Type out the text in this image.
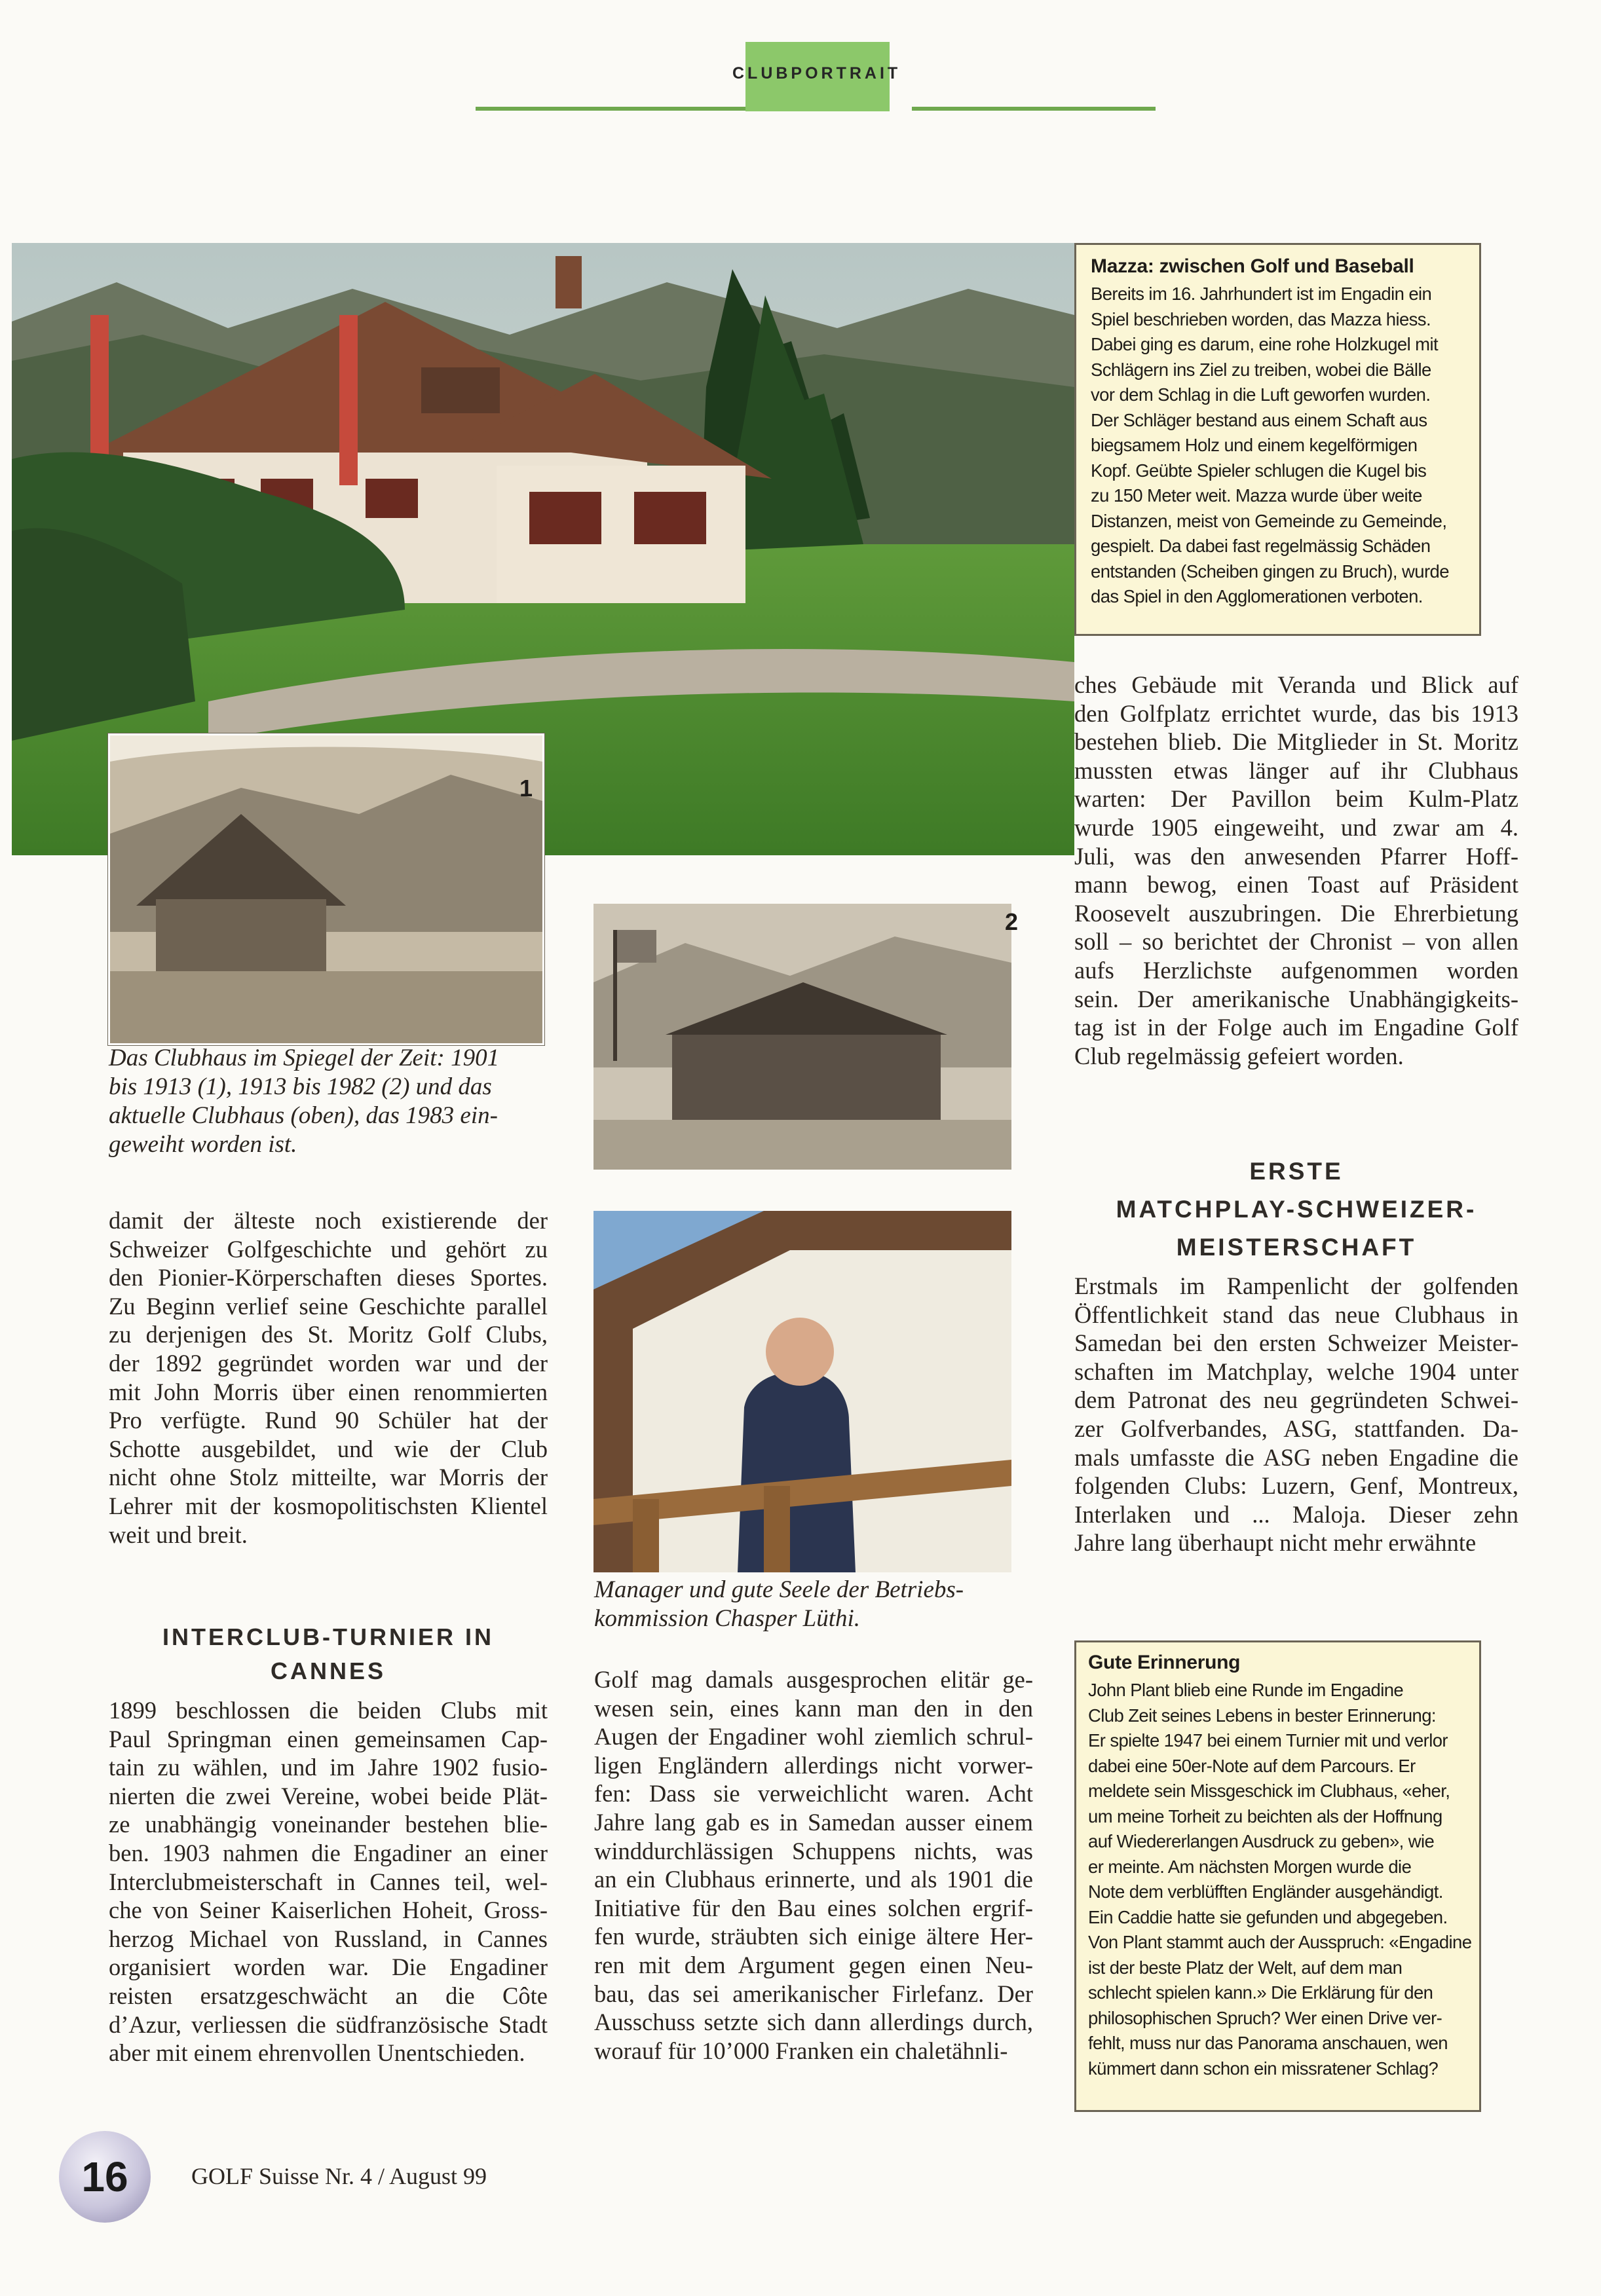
CLUBPORTRAIT
Mazza: zwischen Golf und Baseball
Bereits im 16. Jahrhundert ist im Engadin ein
Spiel beschrieben worden, das Mazza hiess.
Dabei ging es darum, eine rohe Holzkugel mit
Schlägern ins Ziel zu treiben, wobei die Bälle
vor dem Schlag in die Luft geworfen wurden.
Der Schläger bestand aus einem Schaft aus
biegsamem Holz und einem kegelförmigen
Kopf. Geübte Spieler schlugen die Kugel bis
zu 150 Meter weit. Mazza wurde über weite
Distanzen, meist von Gemeinde zu Gemeinde,
gespielt. Da dabei fast regelmässig Schäden
entstanden (Scheiben gingen zu Bruch), wurde
das Spiel in den Agglomerationen verboten.
1
Das Clubhaus im Spiegel der Zeit: 1901
bis 1913 (1), 1913 bis 1982 (2) und das
aktuelle Clubhaus (oben), das 1983 ein-
geweiht worden ist.
2
Manager und gute Seele der Betriebs-
kommission Chasper Lüthi.
damit der älteste noch existierende der
Schweizer Golfgeschichte und gehört zu
den Pionier-Körperschaften dieses Sportes.
Zu Beginn verlief seine Geschichte parallel
zu derjenigen des St. Moritz Golf Clubs,
der 1892 gegründet worden war und der
mit John Morris über einen renommierten
Pro verfügte. Rund 90 Schüler hat der
Schotte ausgebildet, und wie der Club
nicht ohne Stolz mitteilte, war Morris der
Lehrer mit der kosmopolitischsten Klientel
weit und breit.
INTERCLUB-TURNIER IN
CANNES
1899 beschlossen die beiden Clubs mit
Paul Springman einen gemeinsamen Cap-
tain zu wählen, und im Jahre 1902 fusio-
nierten die zwei Vereine, wobei beide Plät-
ze unabhängig voneinander bestehen blie-
ben. 1903 nahmen die Engadiner an einer
Interclubmeisterschaft in Cannes teil, wel-
che von Seiner Kaiserlichen Hoheit, Gross-
herzog Michael von Russland, in Cannes
organisiert worden war. Die Engadiner
reisten ersatzgeschwächt an die Côte
d’Azur, verliessen die südfranzösische Stadt
aber mit einem ehrenvollen Unentschieden.
Golf mag damals ausgesprochen elitär ge-
wesen sein, eines kann man den in den
Augen der Engadiner wohl ziemlich schrul-
ligen Engländern allerdings nicht vorwer-
fen: Dass sie verweichlicht waren. Acht
Jahre lang gab es in Samedan ausser einem
winddurchlässigen Schuppens nichts, was
an ein Clubhaus erinnerte, und als 1901 die
Initiative für den Bau eines solchen ergrif-
fen wurde, sträubten sich einige ältere Her-
ren mit dem Argument gegen einen Neu-
bau, das sei amerikanischer Firlefanz. Der
Ausschuss setzte sich dann allerdings durch,
worauf für 10’000 Franken ein chaletähnli-
ches Gebäude mit Veranda und Blick auf
den Golfplatz errichtet wurde, das bis 1913
bestehen blieb. Die Mitglieder in St. Moritz
mussten etwas länger auf ihr Clubhaus
warten: Der Pavillon beim Kulm-Platz
wurde 1905 eingeweiht, und zwar am 4.
Juli, was den anwesenden Pfarrer Hoff-
mann bewog, einen Toast auf Präsident
Roosevelt auszubringen. Die Ehrerbietung
soll – so berichtet der Chronist – von allen
aufs Herzlichste aufgenommen worden
sein. Der amerikanische Unabhängigkeits-
tag ist in der Folge auch im Engadine Golf
Club regelmässig gefeiert worden.
ERSTE
MATCHPLAY-SCHWEIZER-
MEISTERSCHAFT
Erstmals im Rampenlicht der golfenden
Öffentlichkeit stand das neue Clubhaus in
Samedan bei den ersten Schweizer Meister-
schaften im Matchplay, welche 1904 unter
dem Patronat des neu gegründeten Schwei-
zer Golfverbandes, ASG, stattfanden. Da-
mals umfasste die ASG neben Engadine die
folgenden Clubs: Luzern, Genf, Montreux,
Interlaken und ... Maloja. Dieser zehn
Jahre lang überhaupt nicht mehr erwähnte
Gute Erinnerung
John Plant blieb eine Runde im Engadine
Club Zeit seines Lebens in bester Erinnerung:
Er spielte 1947 bei einem Turnier mit und verlor
dabei eine 50er-Note auf dem Parcours. Er
meldete sein Missgeschick im Clubhaus, «eher,
um meine Torheit zu beichten als der Hoffnung
auf Wiedererlangen Ausdruck zu geben», wie
er meinte. Am nächsten Morgen wurde die
Note dem verblüfften Engländer ausgehändigt.
Ein Caddie hatte sie gefunden und abgegeben.
Von Plant stammt auch der Ausspruch: «Engadine
ist der beste Platz der Welt, auf dem man
schlecht spielen kann.» Die Erklärung für den
philosophischen Spruch? Wer einen Drive ver-
fehlt, muss nur das Panorama anschauen, wen
kümmert dann schon ein missratener Schlag?
16	GOLF Suisse Nr. 4 / August 99
